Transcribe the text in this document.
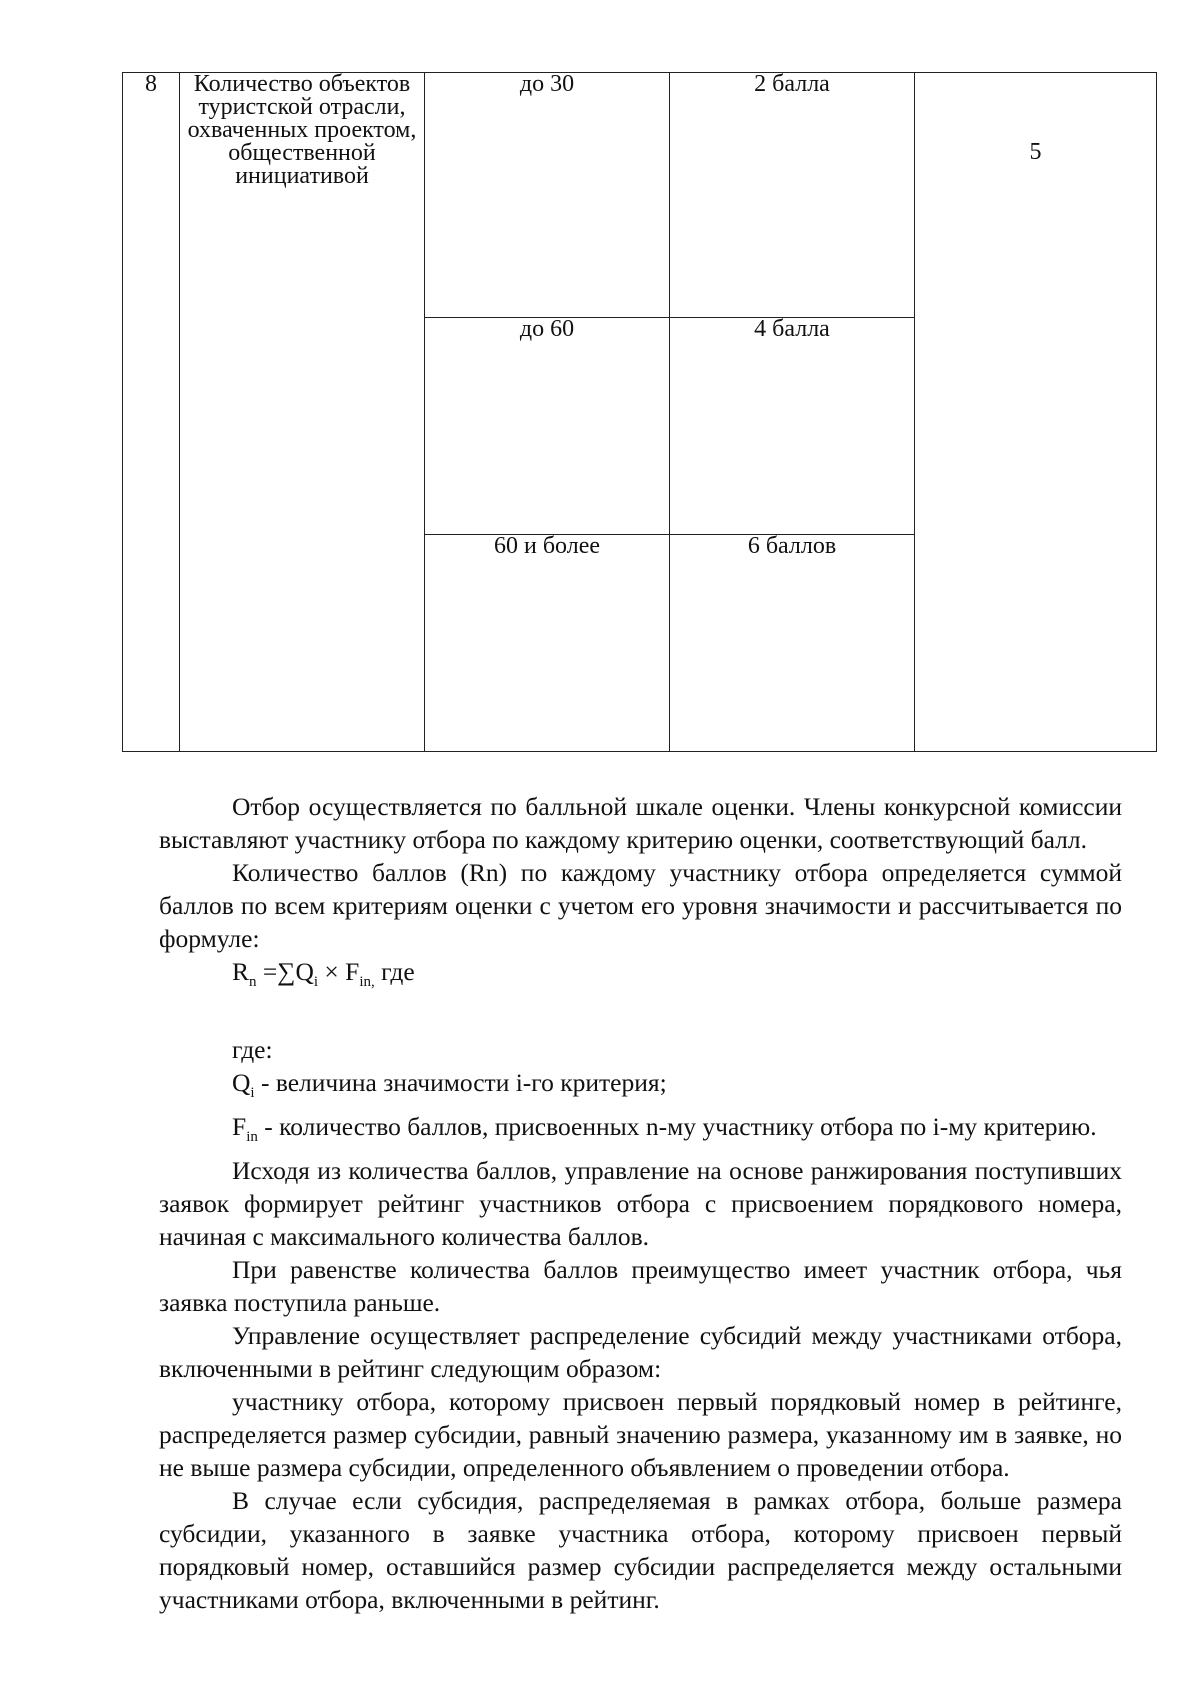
8	Количество объектов туристской отрасли, охваченных проектом, общественной инициативой	до 30	2 балла	5

		до 60	4 балла	

		60 и более	6 баллов	

Отбор осуществляется по балльной шкале оценки. Члены конкурсной комиссии выставляют участнику отбора по каждому критерию оценки, соответствующий балл.

Количество баллов (Rn) по каждому участнику отбора определяется суммой баллов по всем критериям оценки с учетом его уровня значимости и рассчитывается по формуле:

$R_n =\sum Q_i \times F_{in,}$ где

где:

$Q_i$ - величина значимости i-го критерия;

$F_{in}$ - количество баллов, присвоенных n-му участнику отбора по i-му критерию.

Исходя из количества баллов, управление на основе ранжирования поступивших заявок формирует рейтинг участников отбора с присвоением порядкового номера, начиная с максимального количества баллов.

При равенстве количества баллов преимущество имеет участник отбора, чья заявка поступила раньше.

Управление осуществляет распределение субсидий между участниками отбора, включенными в рейтинг следующим образом:

участнику отбора, которому присвоен первый порядковый номер в рейтинге, распределяется размер субсидии, равный значению размера, указанному им в заявке, но не выше размера субсидии, определенного объявлением о проведении отбора.

В случае если субсидия, распределяемая в рамках отбора, больше размера субсидии, указанного в заявке участника отбора, которому присвоен первый порядковый номер, оставшийся размер субсидии распределяется между остальными участниками отбора, включенными в рейтинг.
